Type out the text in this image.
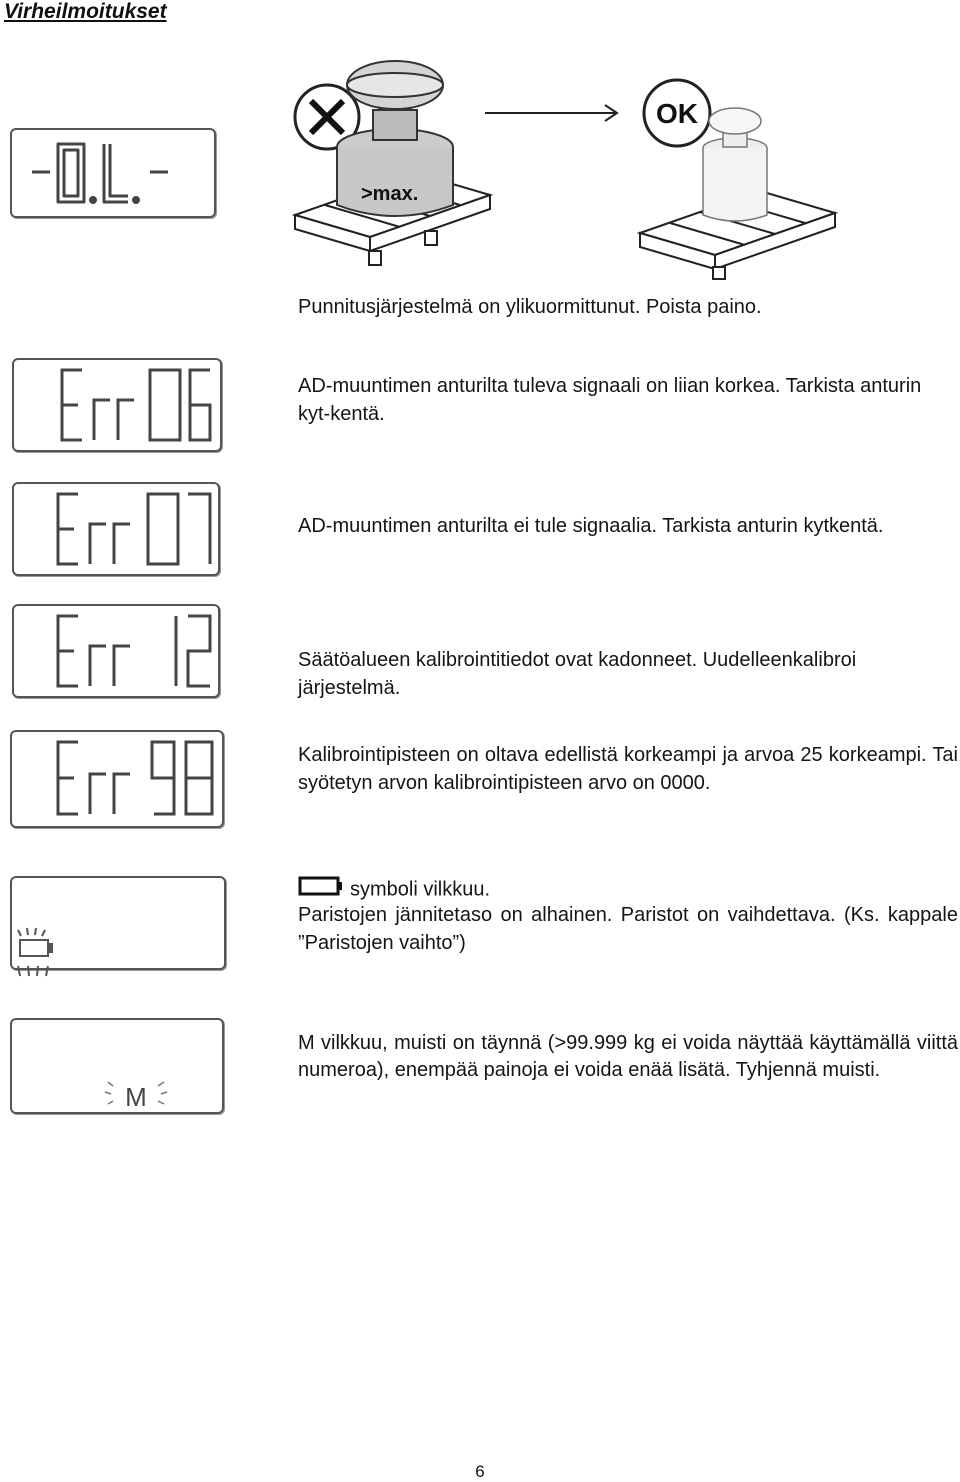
Virheilmoitukset
>max.
OK
Punnitusjärjestelmä on ylikuormittunut. Poista paino.
AD-muuntimen anturilta tuleva signaali on liian korkea. Tarkista anturin kyt-kentä.
AD-muuntimen anturilta ei tule signaalia. Tarkista anturin kytkentä.
Säätöalueen kalibrointitiedot ovat kadonneet. Uudelleenkalibroi järjestelmä.
Kalibrointipisteen on oltava edellistä korkeampi ja arvoa 25 korkeampi. Tai
syötetyn arvon kalibrointipisteen arvo on 0000.
symboli vilkkuu.
Paristojen jännitetaso on alhainen. Paristot on vaihdettava. (Ks. kappale
”Paristojen vaihto”)
M
M vilkkuu, muisti on täynnä (>99.999 kg ei voida näyttää käyttämällä viittä
numeroa), enempää painoja ei voida enää lisätä. Tyhjennä muisti.
6
